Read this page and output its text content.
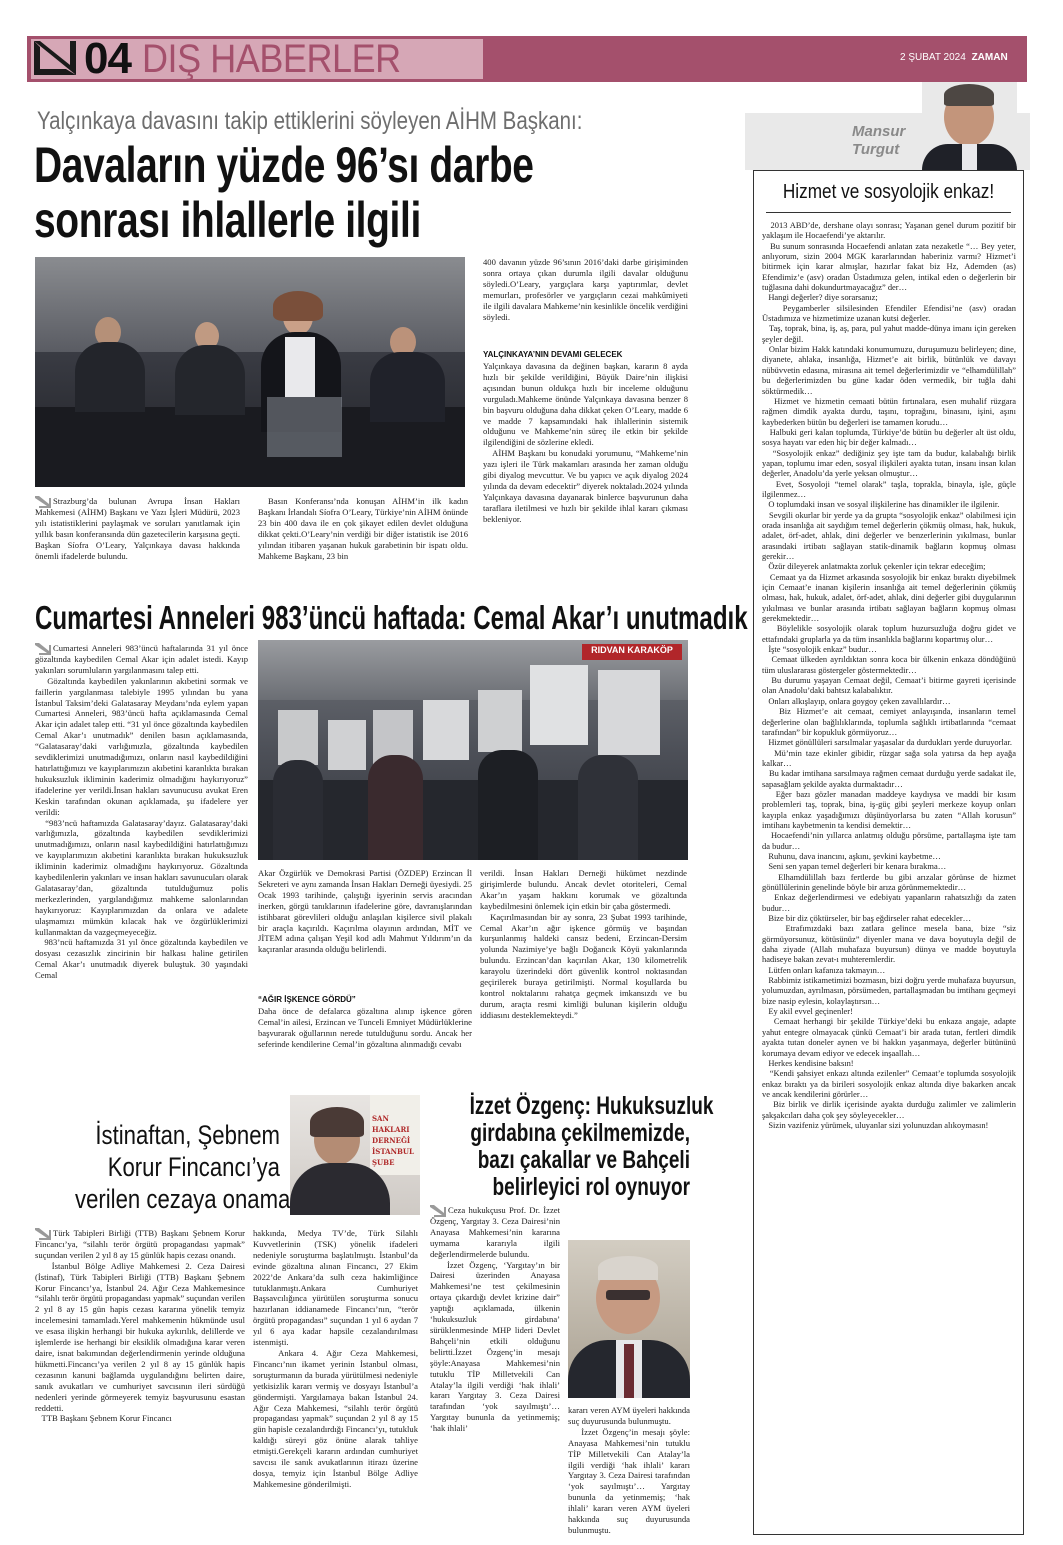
04 DIŞ HABERLER	2 ŞUBAT 2024 ZAMAN
Yalçınkaya davasını takip ettiklerini söyleyen AİHM Başkanı:
Davaların yüzde 96’sı darbe
sonrası ihlallerle ilgili
400 davanın yüzde 96’sının 2016’daki darbe girişiminden sonra ortaya çıkan durumla ilgili davalar olduğunu söyledi.O’Leary, yargıçlara karşı yaptırımlar, devlet memurları, profesörler ve yargıçların cezai mahkûmiyeti ile ilgili davalara Mahkeme’nin kesinlikle öncelik verdiğini söyledi.
YALÇINKAYA’NIN DEVAMI GELECEK
Yalçınkaya davasına da değinen başkan, kararın 8 ayda hızlı bir şekilde verildiğini, Büyük Daire’nin ilişkisi açısından bunun oldukça hızlı bir inceleme olduğunu vurguladı.Mahkeme önünde Yalçınkaya davasına benzer 8 bin başvuru olduğuna daha dikkat çeken O’Leary, madde 6 ve madde 7 kapsamındaki hak ihlallerinin sistemik olduğunu ve Mahkeme’nin süreç ile etkin bir şekilde ilgilendiğini de sözlerine ekledi.
AİHM Başkanı bu konudaki yorumunu, “Mahkeme’nin yazı işleri ile Türk makamları arasında her zaman olduğu gibi diyalog mevcuttur. Ve bu yapıcı ve açık diyalog 2024 yılında da devam edecektir” diyerek noktaladı.2024 yılında Yalçınkaya davasına dayanarak binlerce başvurunun daha taraflara iletilmesi ve hızlı bir şekilde ihlal kararı çıkması bekleniyor.
Strazburg’da bulunan Avrupa İnsan Hakları Mahkemesi (AİHM) Başkanı ve Yazı İşleri Müdürü, 2023 yılı istatistiklerini paylaşmak ve soruları yanıtlamak için yıllık basın konferansında dün gazetecilerin karşısına geçti. Başkan Síofra O’Leary, Yalçınkaya davası hakkında önemli ifadelerde bulundu.
Basın Konferansı’nda konuşan AİHM’in ilk kadın Başkanı İrlandalı Síofra O’Leary, Türkiye’nin AİHM önünde 23 bin 400 dava ile en çok şikayet edilen devlet olduğuna dikkat çekti.O’Leary’nin verdiği bir diğer istatistik ise 2016 yılından itibaren yaşanan hukuk garabetinin bir ispatı oldu. Mahkeme Başkanı, 23 bin
Cumartesi Anneleri 983’üncü haftada: Cemal Akar’ı unutmadık
Cumartesi Anneleri 983’üncü haftalarında 31 yıl önce gözaltında kaybedilen Cemal Akar için adalet istedi. Kayıp yakınları sorumluların yargılanmasını talep etti.
Gözaltında kaybedilen yakınlarının akıbetini sormak ve faillerin yargılanması talebiyle 1995 yılından bu yana İstanbul Taksim’deki Galatasaray Meydanı’nda eylem yapan Cumartesi Anneleri, 983’üncü hafta açıklamasında Cemal Akar için adalet talep etti. “31 yıl önce gözaltında kaybedilen Cemal Akar’ı unutmadık” denilen basın açıklamasında, “Galatasaray’daki varlığımızla, gözaltında kaybedilen sevdiklerimizi unutmadığımızı, onların nasıl kaybedildiğini hatırlattığımızı ve kayıplarımızın akıbetini karanlıkta bırakan hukuksuzluk ikliminin kaderimiz olmadığını haykırıyoruz” ifadelerine yer verildi.İnsan hakları savunucusu avukat Eren Keskin tarafından okunan açıklamada, şu ifadelere yer verildi:
“983’ncü haftamızda Galatasaray’dayız. Galatasaray’daki varlığımızla, gözaltında kaybedilen sevdiklerimizi unutmadığımızı, onların nasıl kaybedildiğini hatırlattığımızı ve kayıplarımızın akıbetini karanlıkta bırakan hukuksuzluk ikliminin kaderimiz olmadığını haykırıyoruz. Gözaltında kaybedilenlerin yakınları ve insan hakları savunucuları olarak Galatasaray’dan, gözaltında tutulduğumuz polis merkezlerinden, yargılandığımız mahkeme salonlarından haykırıyoruz: Kayıplarımızdan da onlara ve adalete ulaşmamızı mümkün kılacak hak ve özgürlüklerimizi kullanmaktan da vazgeçmeyeceğiz.
983’ncü haftamızda 31 yıl önce gözaltında kaybedilen ve dosyası cezasızlık zincirinin bir halkası haline getirilen Cemal Akar’ı unutmadık diyerek buluştuk. 30 yaşındaki Cemal
RIDVAN KARAKÖP
Akar Özgürlük ve Demokrasi Partisi (ÖZDEP) Erzincan İl Sekreteri ve aynı zamanda İnsan Hakları Derneği üyesiydi. 25 Ocak 1993 tarihinde, çalıştığı işyerinin servis aracından inerken, görgü tanıklarının ifadelerine göre, davranışlarından istihbarat görevlileri olduğu anlaşılan kişilerce sivil plakalı bir araçla kaçırıldı. Kaçırılma olayının ardından, MİT ve JİTEM adına çalışan Yeşil kod adlı Mahmut Yıldırım’ın da kaçıranlar arasında olduğu belirlendi.
“AĞIR İŞKENCE GÖRDÜ”
Daha önce de defalarca gözaltına alınıp işkence gören Cemal’in ailesi, Erzincan ve Tunceli Emniyet Müdürlüklerine başvurarak oğullarının nerede tutulduğunu sordu. Ancak her seferinde kendilerine Cemal’in gözaltına alınmadığı cevabı
verildi. İnsan Hakları Derneği hükümet nezdinde girişimlerde bulundu. Ancak devlet otoriteleri, Cemal Akar’ın yaşam hakkını korumak ve gözaltında kaybedilmesini önlemek için etkin bir çaba göstermedi.
Kaçırılmasından bir ay sonra, 23 Şubat 1993 tarihinde, Cemal Akar’ın ağır işkence görmüş ve başından kurşunlanmış haldeki cansız bedeni, Erzincan-Dersim yolunda Nazimiye’ye bağlı Doğancık Köyü yakınlarında bulundu. Erzincan’dan kaçırılan Akar, 130 kilometrelik karayolu üzerindeki dört güvenlik kontrol noktasından geçirilerek buraya getirilmişti. Normal koşullarda bu kontrol noktalarını rahatça geçmek imkansızdı ve bu durum, araçta resmi kimliği bulunan kişilerin olduğu iddiasını desteklemekteydi.”
İstinaftan, Şebnem
Korur Fincancı’ya
verilen cezaya onama
SAN HAKLARI DERNEĞİ İSTANBUL ŞUBE
Türk Tabipleri Birliği (TTB) Başkanı Şebnem Korur Fincancı’ya, “silahlı terör örgütü propagandası yapmak” suçundan verilen 2 yıl 8 ay 15 günlük hapis cezası onandı.
İstanbul Bölge Adliye Mahkemesi 2. Ceza Dairesi (İstinaf), Türk Tabipleri Birliği (TTB) Başkanı Şebnem Korur Fincancı’ya, İstanbul 24. Ağır Ceza Mahkemesince “silahlı terör örgütü propagandası yapmak” suçundan verilen 2 yıl 8 ay 15 gün hapis cezası kararına yönelik temyiz incelemesini tamamladı.Yerel mahkemenin hükmünde usul ve esasa ilişkin herhangi bir hukuka aykırılık, delillerde ve işlemlerde ise herhangi bir eksiklik olmadığına karar veren daire, isnat bakımından değerlendirmenin yerinde olduğuna hükmetti.Fincancı’ya verilen 2 yıl 8 ay 15 günlük hapis cezasının kanuni bağlamda uygulandığını belirten daire, sanık avukatları ve cumhuriyet savcısının ileri sürdüğü nedenleri yerinde görmeyerek temyiz başvurusunu esastan reddetti.
TTB Başkanı Şebnem Korur Fincancı
hakkında, Medya TV’de, Türk Silahlı Kuvvetlerinin (TSK) yönelik ifadeleri nedeniyle soruşturma başlatılmıştı. İstanbul’da evinde gözaltına alınan Fincancı, 27 Ekim 2022’de Ankara’da sulh ceza hakimliğince tutuklanmıştı.Ankara Cumhuriyet Başsavcılığınca yürütülen soruşturma sonucu hazırlanan iddianamede Fincancı’nın, “terör örgütü propagandası” suçundan 1 yıl 6 aydan 7 yıl 6 aya kadar hapsile cezalandırılması istenmişti.
Ankara 4. Ağır Ceza Mahkemesi, Fincancı’nın ikamet yerinin İstanbul olması, soruşturmanın da burada yürütülmesi nedeniyle yetkisizlik kararı vermiş ve dosyayı İstanbul’a göndermişti. Yargılamaya bakan İstanbul 24. Ağır Ceza Mahkemesi, “silahlı terör örgütü propagandası yapmak” suçundan 2 yıl 8 ay 15 gün hapisle cezalandırdığı Fincancı’yı, tutukluk kaldığı süreyi göz önüne alarak tahliye etmişti.Gerekçeli kararın ardından cumhuriyet savcısı ile sanık avukatlarının itirazı üzerine dosya, temyiz için İstanbul Bölge Adliye Mahkemesine gönderilmişti.
İzzet Özgenç: Hukuksuzluk
girdabına çekilmemizde,
bazı çakallar ve Bahçeli
belirleyici rol oynuyor
Ceza hukukçusu Prof. Dr. İzzet Özgenç, Yargıtay 3. Ceza Dairesi’nin Anayasa Mahkemesi’nin kararına uymama kararıyla ilgili değerlendirmelerde bulundu.
İzzet Özgenç, ‘Yargıtay’ın bir Dairesi üzerinden Anayasa Mahkemesi’ne test çekilmesinin ortaya çıkardığı devlet krizine dair” yaptığı açıklamada, ülkenin ‘hukuksuzluk girdabına’ sürüklenmesinde MHP lideri Devlet Bahçeli’nin etkili olduğunu belirtti.İzzet Özgenç’in mesajı şöyle:Anayasa Mahkemesi’nin tutuklu TİP Milletvekili Can Atalay’la ilgili verdiği ‘hak ihlali’ kararı Yargıtay 3. Ceza Dairesi tarafından ‘yok sayılmıştı’… Yargıtay bununla da yetinmemiş; ‘hak ihlali’
kararı veren AYM üyeleri hakkında suç duyurusunda bulunmuştu.
İzzet Özgenç’in mesajı şöyle: Anayasa Mahkemesi’nin tutuklu TİP Milletvekili Can Atalay’la ilgili verdiği ‘hak ihlali’ kararı Yargıtay 3. Ceza Dairesi tarafından ‘yok sayılmıştı’… Yargıtay bununla da yetinmemiş; ‘hak ihlali’ kararı veren AYM üyeleri hakkında suç duyurusunda bulunmuştu.
Mansur
Turgut
Hizmet ve sosyolojik enkaz!
2013 ABD’de, dershane olayı sonrası; Yaşanan genel durum pozitif bir yaklaşım ile Hocaefendi’ye aktarılır.
Bu sunum sonrasında Hocaefendi anlatan zata nezaketle “… Bey yeter, anlıyorum, sizin 2004 MGK kararlarından haberiniz varmı? Hizmet’i bitirmek için karar almışlar, hazırlar fakat biz Hz, Ademden (as) Efendimiz’e (asv) oradan Üstadımıza gelen, intikal eden o değerlerin bir tuğlasına dahi dokundurtmayacağız” der…
Hangi değerler? diye sorarsanız;
Peygamberler silsilesinden Efendiler Efendisi’ne (asv) oradan Üstadımıza ve hizmetimize uzanan kutsi değerler.
Taş, toprak, bina, iş, aş, para, pul yahut madde-dünya imanı için gereken şeyler değil.
Onlar bizim Hakk katındaki konumumuzu, duruşumuzu belirleyen; dine, diyanete, ahlaka, insanlığa, Hizmet’e ait birlik, bütünlük ve davayı nübüvvetin edasına, mirasına ait temel değerlerimizdir ve “elhamdülillah” bu değerlerimizden bu güne kadar öden vermedik, bir tuğla dahi söktürmedik…
Hizmet ve hizmetin cemaati bütün fırtınalara, esen muhalif rüzgara rağmen dimdik ayakta durdu, taşını, toprağını, binasını, işini, aşını kaybederken bütün bu değerleri ise tamamen korudu…
Halbuki geri kalan toplumda, Türkiye’de bütün bu değerler alt üst oldu, sosya hayatı var eden hiç bir değer kalmadı…
“Sosyolojik enkaz” dediğiniz şey işte tam da budur, kalabalığı birlik yapan, toplumu imar eden, sosyal ilişkileri ayakta tutan, insanı insan kılan değerler, Anadolu’da yerle yeksan olmuştur…
Evet, Sosyoloji “temel olarak” taşla, toprakla, binayla, işle, güçle ilgilenmez…
O toplumdaki insan ve sosyal ilişkilerine has dinamikler ile ilgilenir.
Sevgili okurlar bir yerde ya da grupta “sosyolojik enkaz” olabilmesi için orada insanlığa ait saydığım temel değerlerin çökmüş olması, hak, hukuk, adalet, örf-adet, ahlak, dini değerler ve benzerlerinin yıkılması, bunlar arasındaki irtibatı sağlayan statik-dinamik bağların kopmuş olması gerekir…
Özür dileyerek anlatmakta zorluk çekenler için tekrar edeceğim;
Cemaat ya da Hizmet arkasında sosyolojik bir enkaz bıraktı diyebilmek için Cemaat’e inanan kişilerin insanlığa ait temel değerlerinin çökmüş olması, hak, hukuk, adalet, örf-adet, ahlak, dini değerler gibi duygularının yıkılması ve bunlar arasında irtibatı sağlayan bağların kopmuş olması gerekmektedir…
Böylelikle sosyolojik olarak toplum huzursuzluğa doğru gidet ve ettafındaki gruplarla ya da tüm insanlıkla bağlarını kopartmış olur…
İşte “sosyolojik enkaz” budur…
Cemaat ülkeden ayrıldıktan sonra koca bir ülkenin enkaza döndüğünü tüm uluslararası göstergeler göstermektedir…
Bu durumu yaşayan Cemaat değil, Cemaat’i bitirme gayreti içerisinde olan Anadolu’daki bahtsız kalabalıktır.
Onları alkışlayıp, onlara goygoy çeken zavallılardır…
Biz Hizmet’e ait cemaat, cemiyet anlayışında, insanların temel değerlerine olan bağlılıklarında, toplumla sağlıklı irtibatlarında “cemaat tarafından” bir kopukluk görmüyoruz…
Hizmet gönüllüleri sarsılmalar yaşasalar da durdukları yerde duruyorlar.
Mü’min taze ekinler gibidir, rüzgar sağa sola yatırsa da hep ayağa kalkar…
Bu kadar imtihana sarsılmaya rağmen cemaat durduğu yerde sadakat ile, sapasağlam şekilde ayakta durmaktadır…
Eğer bazı gözler manadan maddeye kaydıysa ve maddi bir kısım problemleri taş, toprak, bina, iş-güç gibi şeyleri merkeze koyup onları kayıpla enkaz yaşadığımızı düşünüyorlarsa bu zaten “Allah korusun” imtihanı kaybetmenin ta kendisi demektir…
Hocaefendi’nin yıllarca anlatmış olduğu pörsüme, partallaşma işte tam da budur…
Ruhunu, dava inancını, aşkını, şevkini kaybetme…
Seni sen yapan temel değerleri bir kenara bırakma…
Elhamdülillah bazı fertlerde bu gibi arızalar görünse de hizmet gönüllülerinin genelinde böyle bir arıza görünmemektedir…
Enkaz değerlendirmesi ve edebiyatı yapanların rahatsızlığı da zaten budur…
Bize bir diz çöktürseler, bir baş eğdirseler rahat edecekler…
Etrafımızdaki bazı zatlara gelince mesela bana, bize “siz görmüyorsunuz, kötüsünüz” diyenler mana ve dava boyutuyla değil de daha ziyade (Allah muhafaza buyursun) dünya ve madde boyutuyla hadiseye bakan zevat-ı muhteremlerdir.
Lütfen onları kafanıza takmayın…
Rabbimiz istikametimizi bozmasın, bizi doğru yerde muhafaza buyursun, yolumuzdan, ayrılmasın, pörsümeden, partallaşmadan bu imtihanı geçmeyi bize nasip eylesin, kolaylaştırsın…
Ey akil evvel geçinenler!
Cemaat herhangi bir şekilde Türkiye’deki bu enkaza angaje, adapte yahut entegre olmayacak çünkü Cemaat’i bir arada tutan, fertleri dimdik ayakta tutan doneler aynen ve bi hakkın yaşanmaya, değerler bütününü korumaya devam ediyor ve edecek inşaallah…
Herkes kendisine baksın!
“Kendi şahsiyet enkazı altında ezilenler” Cemaat’e toplumda sosyolojik enkaz bıraktı ya da birileri sosyolojik enkaz altında diye bakarken ancak ve ancak kendilerini görürler…
Biz birlik ve dirlik içerisinde ayakta durduğu zalimler ve zalimlerin şakşakcıları daha çok şey söyleyecekler…
Sizin vazifeniz yürümek, uluyanlar sizi yolunuzdan alıkoymasın!
